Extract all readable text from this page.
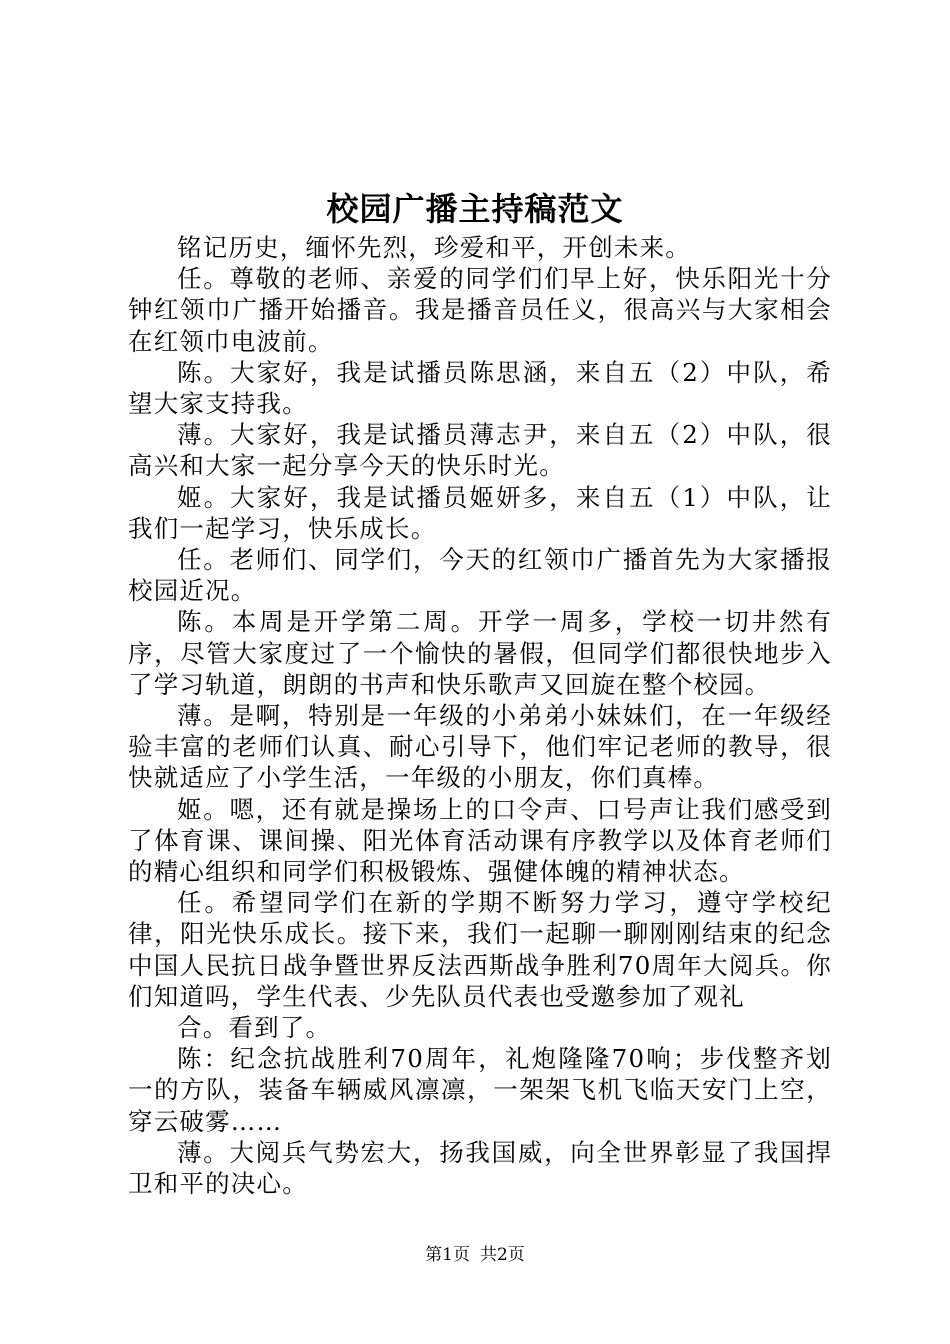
校园广播主持稿范文

铭记历史，缅怀先烈，珍爱和平，开创未来。

任。尊敬的老师、亲爱的同学们们早上好，快乐阳光十分钟红领巾广播开始播音。我是播音员任义，很高兴与大家相会在红领巾电波前。

陈。大家好，我是试播员陈思涵，来自五（2）中队，希望大家支持我。

薄。大家好，我是试播员薄志尹，来自五（2）中队，很高兴和大家一起分享今天的快乐时光。

姬。大家好，我是试播员姬妍多，来自五（1）中队，让我们一起学习，快乐成长。

任。老师们、同学们，今天的红领巾广播首先为大家播报校园近况。

陈。本周是开学第二周。开学一周多，学校一切井然有序，尽管大家度过了一个愉快的暑假，但同学们都很快地步入了学习轨道，朗朗的书声和快乐歌声又回旋在整个校园。

薄。是啊，特别是一年级的小弟弟小妹妹们，在一年级经验丰富的老师们认真、耐心引导下，他们牢记老师的教导，很快就适应了小学生活，一年级的小朋友，你们真棒。

姬。嗯，还有就是操场上的口令声、口号声让我们感受到了体育课、课间操、阳光体育活动课有序教学以及体育老师们的精心组织和同学们积极锻炼、强健体魄的精神状态。

任。希望同学们在新的学期不断努力学习，遵守学校纪律，阳光快乐成长。接下来，我们一起聊一聊刚刚结束的纪念中国人民抗日战争暨世界反法西斯战争胜利70周年大阅兵。你们知道吗，学生代表、少先队员代表也受邀参加了观礼

合。看到了。

陈：纪念抗战胜利70周年，礼炮隆隆70响；步伐整齐划一的方队，装备车辆威风凛凛，一架架飞机飞临天安门上空，穿云破雾……

薄。大阅兵气势宏大，扬我国威，向全世界彰显了我国捍卫和平的决心。

第1页 共2页
